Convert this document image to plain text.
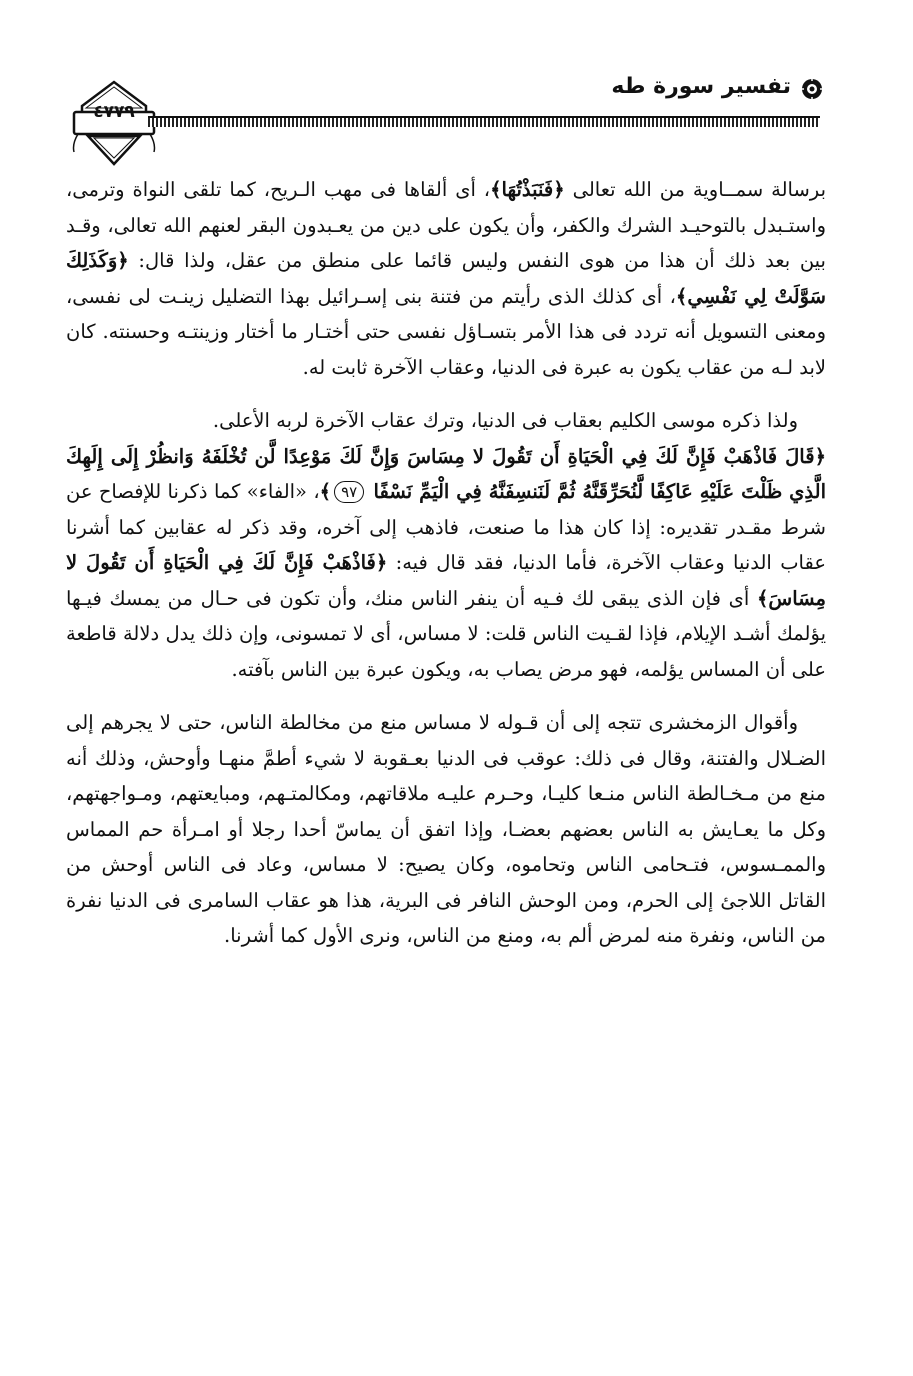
٤٧٧٩
تفسير سورة طه

برسالة سمــاوية من الله تعالى ﴿فَنَبَذْتُهَا﴾، أى ألقاها فى مهب الـريح، كما تلقى النواة وترمى، واستـبدل بالتوحيـد الشرك والكفر، وأن يكون على دين من يعـبدون البقر لعنهم الله تعالى، وقـد بين بعد ذلك أن هذا من هوى النفس وليس قائما على منطق من عقل، ولذا قال: ﴿وَكَذَلِكَ سَوَّلَتْ لِي نَفْسِي﴾، أى كذلك الذى رأيتم من فتنة بنى إسـرائيل بهذا التضليل زينـت لى نفسى، ومعنى التسويل أنه تردد فى هذا الأمر بتسـاؤل نفسى حتى أختـار ما أختار وزينتـه وحسنته. كان لابد لـه من عقاب يكون به عبرة فى الدنيا، وعقاب الآخرة ثابت له.

ولذا ذكره موسى الكليم بعقاب فى الدنيا، وترك عقاب الآخرة لربه الأعلى.

﴿قَالَ فَاذْهَبْ فَإِنَّ لَكَ فِي الْحَيَاةِ أَن تَقُولَ لا مِسَاسَ وَإِنَّ لَكَ مَوْعِدًا لَّن تُخْلَفَهُ وَانظُرْ إِلَى إِلَهِكَ الَّذِي ظَلْتَ عَلَيْهِ عَاكِفًا لَّنُحَرِّقَنَّهُ ثُمَّ لَنَنسِفَنَّهُ فِي الْيَمِّ نَسْفًا ٩٧﴾، «الفاء» كما ذكرنا للإفصاح عن شرط مقـدر تقديره: إذا كان هذا ما صنعت، فاذهب إلى آخره، وقد ذكر له عقابين كما أشرنا عقاب الدنيا وعقاب الآخرة، فأما الدنيا، فقد قال فيه: ﴿فَاذْهَبْ فَإِنَّ لَكَ فِي الْحَيَاةِ أَن تَقُولَ لا مِسَاسَ﴾ أى فإن الذى يبقى لك فـيه أن ينفر الناس منك، وأن تكون فى حـال من يمسك فيـها يؤلمك أشـد الإيلام، فإذا لقـيت الناس قلت: لا مساس، أى لا تمسونى، وإن ذلك يدل دلالة قاطعة على أن المساس يؤلمه، فهو مرض يصاب به، ويكون عبرة بين الناس بآفته.

وأقوال الزمخشرى تتجه إلى أن قـوله لا مساس منع من مخالطة الناس، حتى لا يجرهم إلى الضـلال والفتنة، وقال فى ذلك: عوقب فى الدنيا بعـقوبة لا شيء أطمَّ منهـا وأوحش، وذلك أنه منع من مـخـالطة الناس منـعا كليـا، وحـرم عليـه ملاقاتهم، ومكالمتـهم، ومبايعتهم، ومـواجهتهم، وكل ما يعـايش به الناس بعضهم بعضـا، وإذا اتفق أن يماسّ أحدا رجلا أو امـرأة حم المماس والممـسوس، فتـحامى الناس وتحاموه، وكان يصيح: لا مساس، وعاد فى الناس أوحش من القاتل اللاجئ إلى الحرم، ومن الوحش النافر فى البرية، هذا هو عقاب السامرى فى الدنيا نفرة من الناس، ونفرة منه لمرض ألم به، ومنع من الناس، ونرى الأول كما أشرنا.
